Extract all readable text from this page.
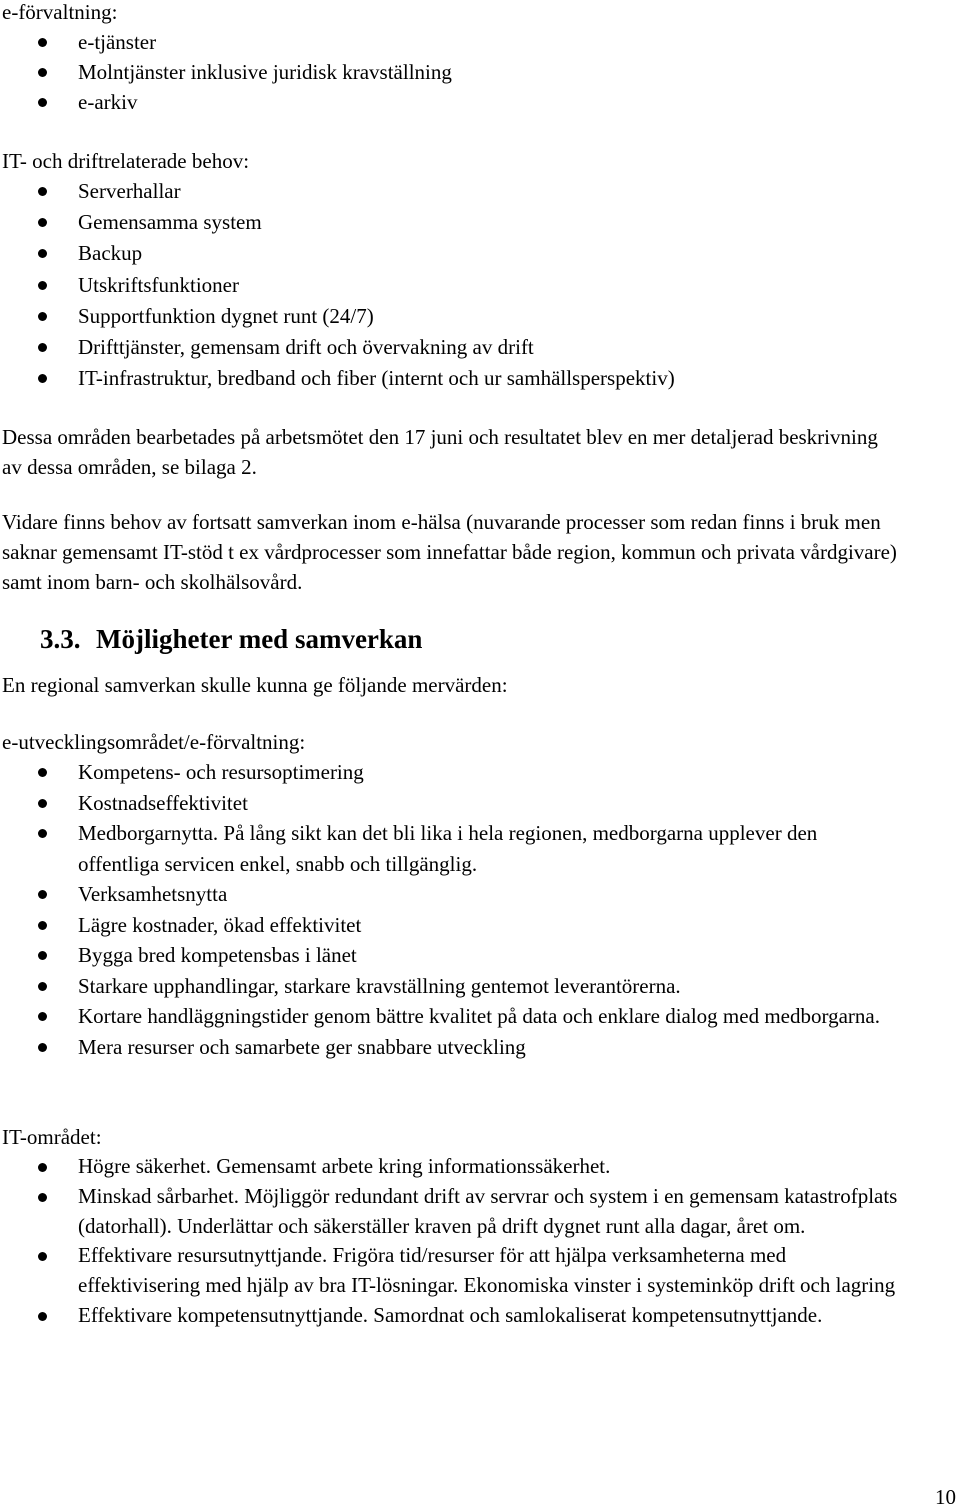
e-förvaltning:

e-tjänster
Molntjänster inklusive juridisk kravställning
e-arkiv

IT- och driftrelaterade behov:

Serverhallar
Gemensamma system
Backup
Utskriftsfunktioner
Supportfunktion dygnet runt (24/7)
Drifttjänster, gemensam drift och övervakning av drift
IT-infrastruktur, bredband och fiber (internt och ur samhällsperspektiv)

Dessa områden bearbetades på arbetsmötet den 17 juni och resultatet blev en mer detaljerad beskrivning av dessa områden, se bilaga 2.

Vidare finns behov av fortsatt samverkan inom e-hälsa (nuvarande processer som redan finns i bruk men saknar gemensamt IT-stöd t ex vårdprocesser som innefattar både region, kommun och privata vårdgivare) samt inom barn- och skolhälsovård.

3.3. Möjligheter med samverkan

En regional samverkan skulle kunna ge följande mervärden:

e-utvecklingsområdet/e-förvaltning:

Kompetens- och resursoptimering
Kostnadseffektivitet
Medborgarnytta. På lång sikt kan det bli lika i hela regionen, medborgarna upplever den offentliga servicen enkel, snabb och tillgänglig.
Verksamhetsnytta
Lägre kostnader, ökad effektivitet
Bygga bred kompetensbas i länet
Starkare upphandlingar, starkare kravställning gentemot leverantörerna.
Kortare handläggningstider genom bättre kvalitet på data och enklare dialog med medborgarna.
Mera resurser och samarbete ger snabbare utveckling

IT-området:

Högre säkerhet. Gemensamt arbete kring informationssäkerhet.
Minskad sårbarhet. Möjliggör redundant drift av servrar och system i en gemensam katastrofplats (datorhall). Underlättar och säkerställer kraven på drift dygnet runt alla dagar, året om.
Effektivare resursutnyttjande. Frigöra tid/resurser för att hjälpa verksamheterna med effektivisering med hjälp av bra IT-lösningar. Ekonomiska vinster i systeminköp drift och lagring
Effektivare kompetensutnyttjande. Samordnat och samlokaliserat kompetensutnyttjande.
10
